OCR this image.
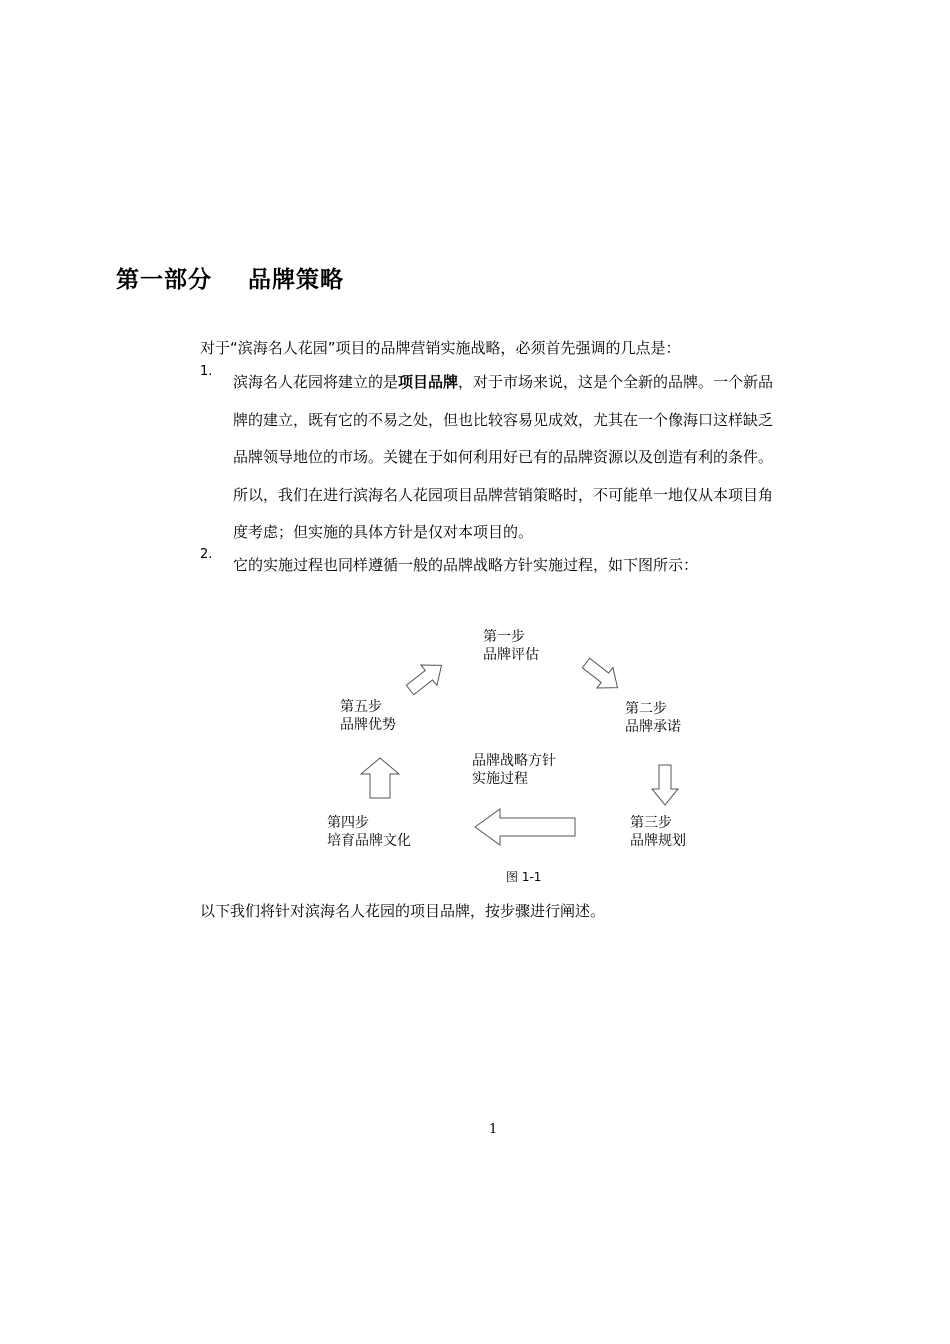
第一部分    品牌策略
对于“滨海名人花园”项目的品牌营销实施战略，必须首先强调的几点是：
1.
滨海名人花园将建立的是项目品牌，对于市场来说，这是个全新的品牌。一个新品
牌的建立，既有它的不易之处，但也比较容易见成效，尤其在一个像海口这样缺乏
品牌领导地位的市场。关键在于如何利用好已有的品牌资源以及创造有利的条件。
所以，我们在进行滨海名人花园项目品牌营销策略时，不可能单一地仅从本项目角
度考虑；但实施的具体方针是仅对本项目的。
2.
它的实施过程也同样遵循一般的品牌战略方针实施过程，如下图所示：
第一步
品牌评估
第二步
品牌承诺
第三步
品牌规划
第四步
培育品牌文化
第五步
品牌优势
品牌战略方针
实施过程
图 1-1
以下我们将针对滨海名人花园的项目品牌，按步骤进行阐述。
1
